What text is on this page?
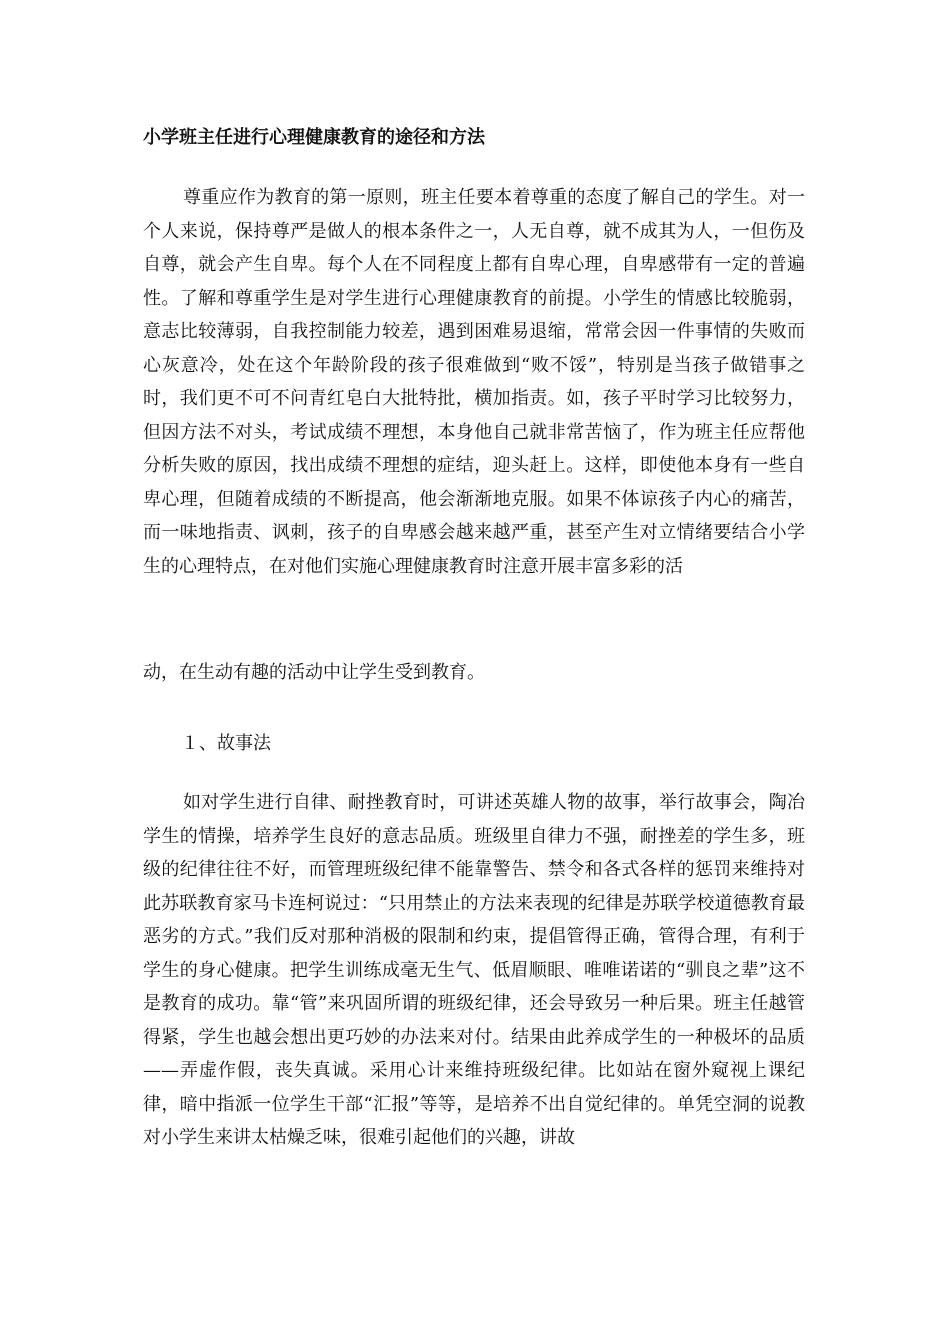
小学班主任进行心理健康教育的途径和方法

尊重应作为教育的第一原则，班主任要本着尊重的态度了解自己的学生。对一个人来说，保持尊严是做人的根本条件之一，人无自尊，就不成其为人，一但伤及自尊，就会产生自卑。每个人在不同程度上都有自卑心理，自卑感带有一定的普遍性。了解和尊重学生是对学生进行心理健康教育的前提。小学生的情感比较脆弱，意志比较薄弱，自我控制能力较差，遇到困难易退缩，常常会因一件事情的失败而心灰意冷，处在这个年龄阶段的孩子很难做到“败不馁”，特别是当孩子做错事之时，我们更不可不问青红皂白大批特批，横加指责。如，孩子平时学习比较努力，但因方法不对头，考试成绩不理想，本身他自己就非常苦恼了，作为班主任应帮他分析失败的原因，找出成绩不理想的症结，迎头赶上。这样，即使他本身有一些自卑心理，但随着成绩的不断提高，他会渐渐地克服。如果不体谅孩子内心的痛苦，而一味地指责、讽刺，孩子的自卑感会越来越严重，甚至产生对立情绪要结合小学生的心理特点，在对他们实施心理健康教育时注意开展丰富多彩的活

动，在生动有趣的活动中让学生受到教育。

１、故事法

如对学生进行自律、耐挫教育时，可讲述英雄人物的故事，举行故事会，陶冶学生的情操，培养学生良好的意志品质。班级里自律力不强，耐挫差的学生多，班级的纪律往往不好，而管理班级纪律不能靠警告、禁令和各式各样的惩罚来维持对此苏联教育家马卡连柯说过：“只用禁止的方法来表现的纪律是苏联学校道德教育最恶劣的方式。”我们反对那种消极的限制和约束，提倡管得正确，管得合理，有利于学生的身心健康。把学生训练成毫无生气、低眉顺眼、唯唯诺诺的“驯良之辈”这不是教育的成功。靠“管”来巩固所谓的班级纪律，还会导致另一种后果。班主任越管得紧，学生也越会想出更巧妙的办法来对付。结果由此养成学生的一种极坏的品质——弄虚作假，丧失真诚。采用心计来维持班级纪律。比如站在窗外窥视上课纪律，暗中指派一位学生干部“汇报”等等，是培养不出自觉纪律的。单凭空洞的说教对小学生来讲太枯燥乏味，很难引起他们的兴趣，讲故
